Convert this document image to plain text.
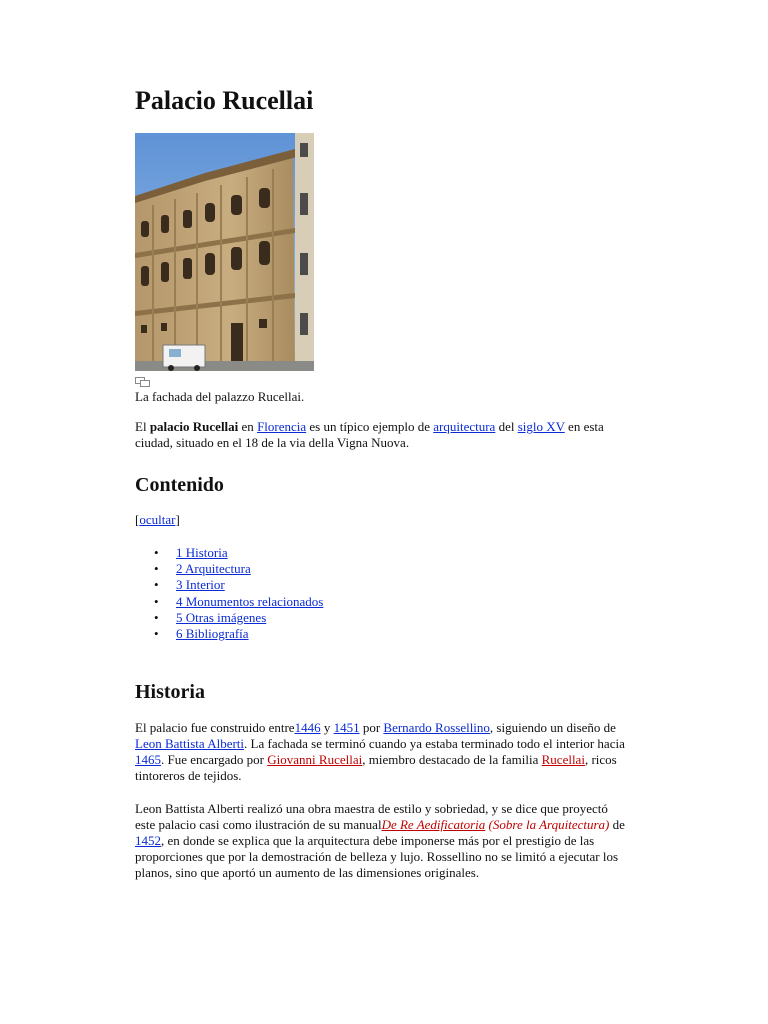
Palacio Rucellai
La fachada del palazzo Rucellai.
El palacio Rucellai en Florencia es un típico ejemplo de arquitectura del siglo XV en esta ciudad, situado en el 18 de la via della Vigna Nuova.
Contenido
[ocultar]
• 1 Historia
• 2 Arquitectura
• 3 Interior
• 4 Monumentos relacionados
• 5 Otras imágenes
• 6 Bibliografía
Historia
El palacio fue construido entre1446 y 1451 por Bernardo Rossellino, siguiendo un diseño de Leon Battista Alberti. La fachada se terminó cuando ya estaba terminado todo el interior hacia 1465. Fue encargado por Giovanni Rucellai, miembro destacado de la familia Rucellai, ricos tintoreros de tejidos.
Leon Battista Alberti realizó una obra maestra de estilo y sobriedad, y se dice que proyectó este palacio casi como ilustración de su manualDe Re Aedificatoria (Sobre la Arquitectura) de 1452, en donde se explica que la arquitectura debe imponerse más por el prestigio de las proporciones que por la demostración de belleza y lujo. Rossellino no se limitó a ejecutar los planos, sino que aportó un aumento de las dimensiones originales.
